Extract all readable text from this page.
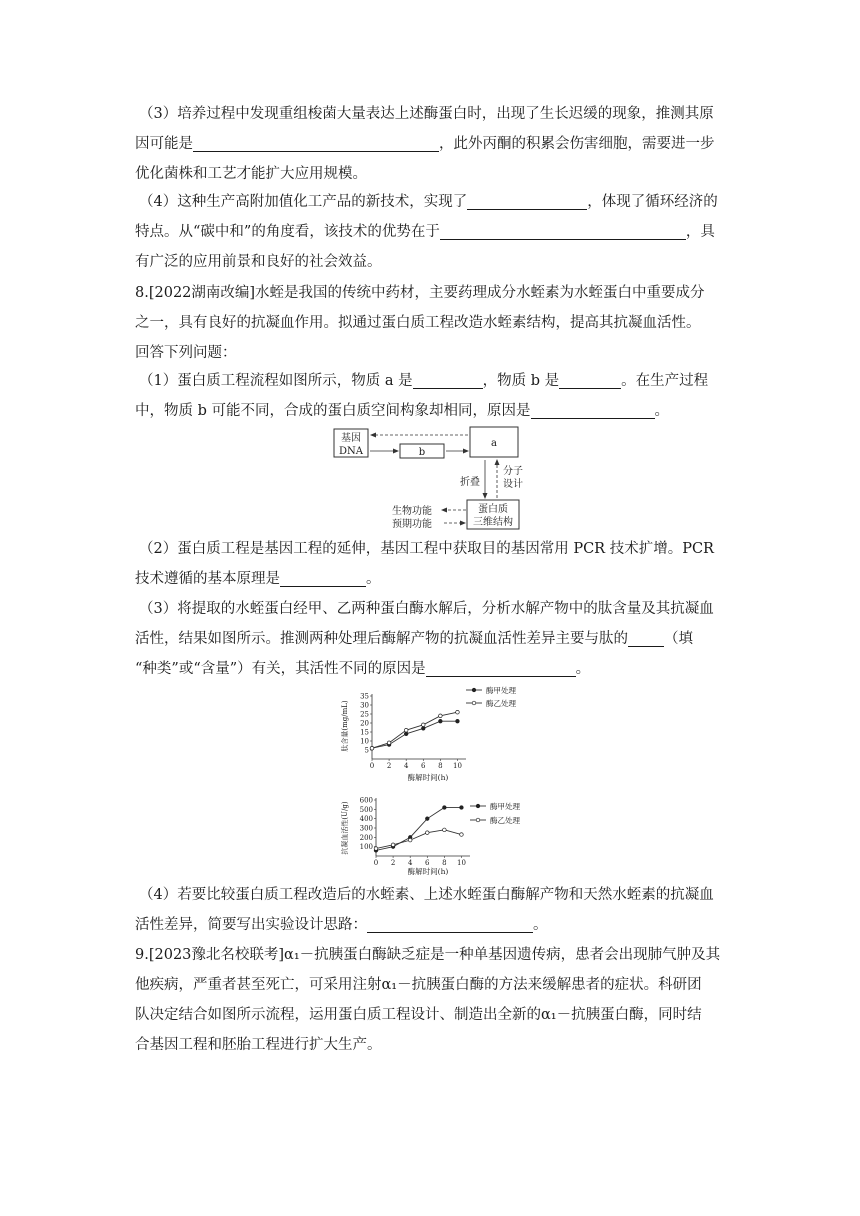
（3）培养过程中发现重组梭菌大量表达上述酶蛋白时，出现了生长迟缓的现象，推测其原
因可能是	，此外丙酮的积累会伤害细胞，需要进一步
优化菌株和工艺才能扩大应用规模。
（4）这种生产高附加值化工产品的新技术，实现了	，体现了循环经济的
特点。从“碳中和”的角度看，该技术的优势在于	，具
有广泛的应用前景和良好的社会效益。
8.[2022湖南改编]水蛭是我国的传统中药材，主要药理成分水蛭素为水蛭蛋白中重要成分
之一，具有良好的抗凝血作用。拟通过蛋白质工程改造水蛭素结构，提高其抗凝血活性。
回答下列问题：
（1）蛋白质工程流程如图所示，物质 a 是	，物质 b 是	。在生产过程
中，物质 b 可能不同，合成的蛋白质空间构象却相同，原因是	。
基因
DNA	b
a
折叠
分子
设计
蛋白质
三维结构
生物功能
预期功能
（2）蛋白质工程是基因工程的延伸，基因工程中获取目的基因常用 PCR 技术扩增。PCR
技术遵循的基本原理是	。
（3）将提取的水蛭蛋白经甲、乙两种蛋白酶水解后，分析水解产物中的肽含量及其抗凝血
活性，结果如图所示。推测两种处理后酶解产物的抗凝血活性差异主要与肽的 （填
“种类”或“含量”）有关，其活性不同的原因是	。
肽含量(mg/mL)
酶解时间(h)
0 2 4 6 8 10
5
10
15
20
25
30
35
酶甲处理
酶乙处理
抗凝血活性(U/g)
酶解时间(h)
0 2 4 6 8 10
100
200
300
400
500
600
酶甲处理
酶乙处理
（4）若要比较蛋白质工程改造后的水蛭素、上述水蛭蛋白酶解产物和天然水蛭素的抗凝血
活性差异，简要写出实验设计思路：	。
9.[2023豫北名校联考]α₁－抗胰蛋白酶缺乏症是一种单基因遗传病，患者会出现肺气肿及其
他疾病，严重者甚至死亡，可采用注射α₁－抗胰蛋白酶的方法来缓解患者的症状。科研团
队决定结合如图所示流程，运用蛋白质工程设计、制造出全新的α₁－抗胰蛋白酶，同时结
合基因工程和胚胎工程进行扩大生产。
